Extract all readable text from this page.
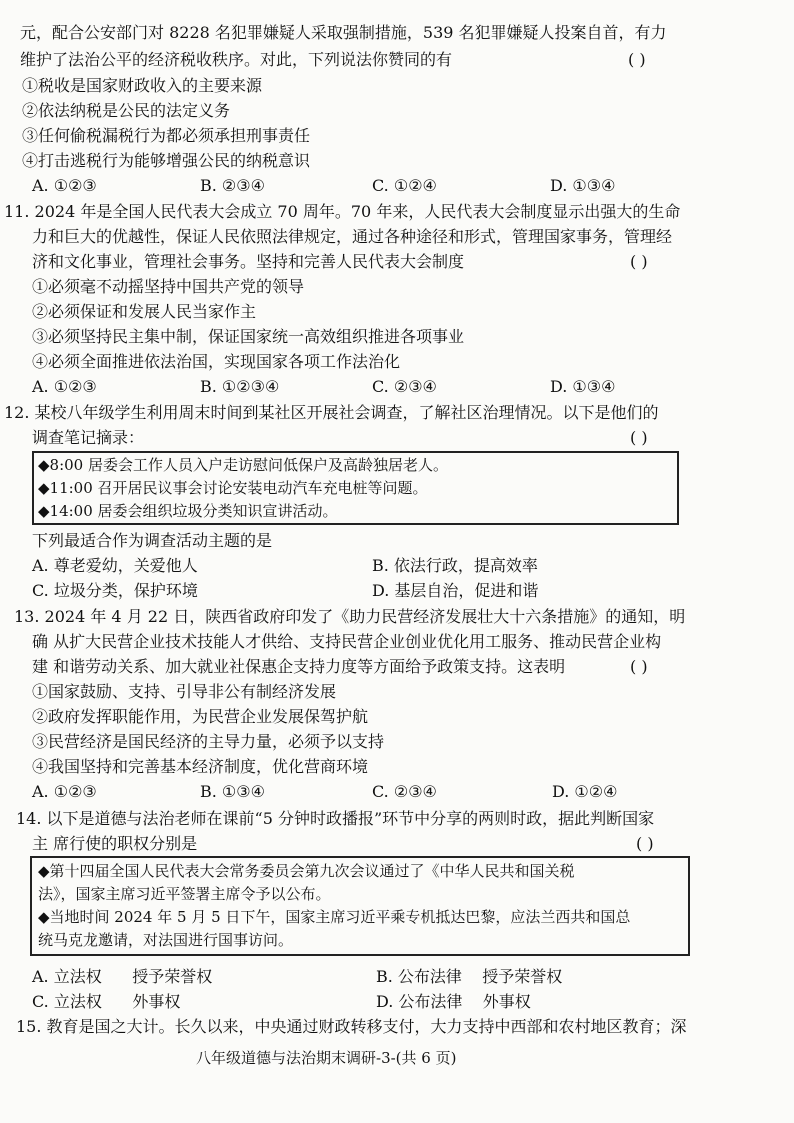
元，配合公安部门对 8228 名犯罪嫌疑人采取强制措施，539 名犯罪嫌疑人投案自首，有力
维护了法治公平的经济税收秩序。对此，下列说法你赞同的有	( )
①税收是国家财政收入的主要来源
②依法纳税是公民的法定义务
③任何偷税漏税行为都必须承担刑事责任
④打击逃税行为能够增强公民的纳税意识
A. ①②③	B. ②③④	C. ①②④	D. ①③④
11. 2024 年是全国人民代表大会成立 70 周年。70 年来，人民代表大会制度显示出强大的生命
力和巨大的优越性，保证人民依照法律规定，通过各种途径和形式，管理国家事务，管理经
济和文化事业，管理社会事务。坚持和完善人民代表大会制度	( )
①必须毫不动摇坚持中国共产党的领导
②必须保证和发展人民当家作主
③必须坚持民主集中制，保证国家统一高效组织推进各项事业
④必须全面推进依法治国，实现国家各项工作法治化
A. ①②③	B. ①②③④	C. ②③④	D. ①③④
12. 某校八年级学生利用周末时间到某社区开展社会调查，了解社区治理情况。以下是他们的
调查笔记摘录：	( )
◆8:00 居委会工作人员入户走访慰问低保户及高龄独居老人。
◆11:00 召开居民议事会讨论安装电动汽车充电桩等问题。
◆14:00 居委会组织垃圾分类知识宣讲活动。
下列最适合作为调查活动主题的是
A. 尊老爱幼，关爱他人	B. 依法行政，提高效率
C. 垃圾分类，保护环境	D. 基层自治，促进和谐
13. 2024 年 4 月 22 日，陕西省政府印发了《助力民营经济发展壮大十六条措施》的通知，明
确 从扩大民营企业技术技能人才供给、支持民营企业创业优化用工服务、推动民营企业构
建 和谐劳动关系、加大就业社保惠企支持力度等方面给予政策支持。这表明	( )
①国家鼓励、支持、引导非公有制经济发展
②政府发挥职能作用，为民营企业发展保驾护航
③民营经济是国民经济的主导力量，必须予以支持
④我国坚持和完善基本经济制度，优化营商环境
A. ①②③	B. ①③④	C. ②③④	D. ①②④
14. 以下是道德与法治老师在课前“5 分钟时政播报”环节中分享的两则时政，据此判断国家
主 席行使的职权分别是	( )
◆第十四届全国人民代表大会常务委员会第九次会议通过了《中华人民共和国关税
法》，国家主席习近平签署主席令予以公布。
◆当地时间 2024 年 5 月 5 日下午，国家主席习近平乘专机抵达巴黎，应法兰西共和国总
统马克龙邀请，对法国进行国事访问。
A. 立法权      授予荣誉权	B. 公布法律    授予荣誉权
C. 立法权      外事权	D. 公布法律    外事权
15. 教育是国之大计。长久以来，中央通过财政转移支付，大力支持中西部和农村地区教育；深
八年级道德与法治期末调研-3-(共 6 页)
